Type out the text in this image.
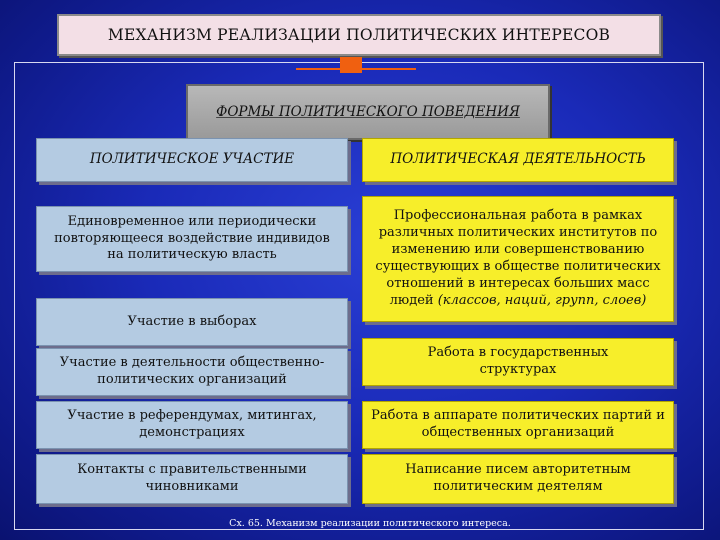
МЕХАНИЗМ РЕАЛИЗАЦИИ ПОЛИТИЧЕСКИХ ИНТЕРЕСОВ
ФОРМЫ ПОЛИТИЧЕСКОГО ПОВЕДЕНИЯ
ПОЛИТИЧЕСКОЕ УЧАСТИЕ
Единовременное или периодически повторяющееся воздействие индивидов на политическую власть
Участие в выборах
Участие в деятельности общественно-политических организаций
Участие в референдумах, митингах, демонстрациях
Контакты с правительственными чиновниками
ПОЛИТИЧЕСКАЯ ДЕЯТЕЛЬНОСТЬ
Профессиональная работа в рамках различных политических институтов по изменению или совершенствованию существующих в обществе политических отношений в интересах больших масс людей (классов, наций, групп, слоев)
Работа в государственных структурах
Работа в аппарате политических партий и общественных организаций
Написание писем авторитетным политическим деятелям
Сх. 65. Механизм реализации политического интереса.
